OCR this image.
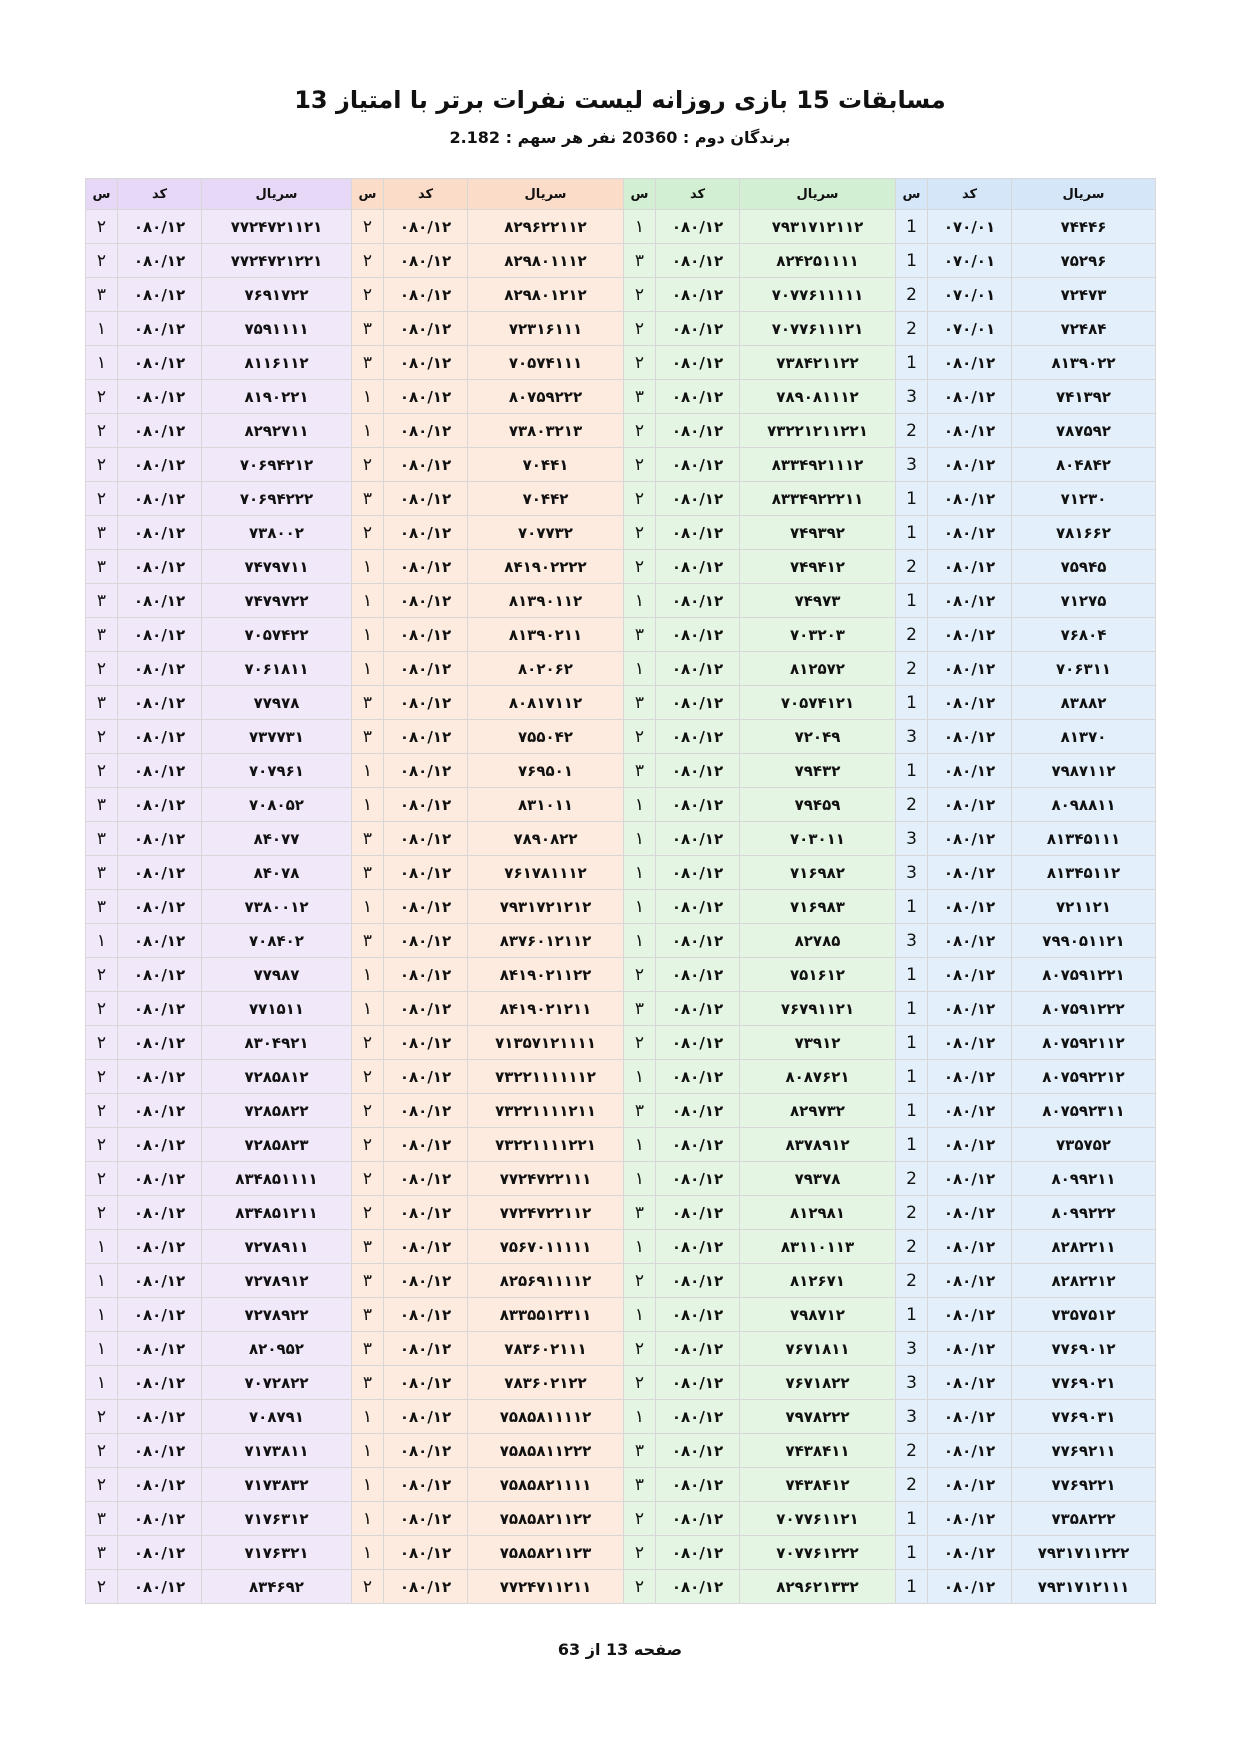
مسابقات 15 بازی روزانه لیست نفرات برتر با امتیاز 13
برندگان دوم : 20360 نفر هر سهم : 2.182
سریال	کد	س	سریال	کد	س	سریال	کد	س	سریال	کد	س
۷۴۴۴۶	۰۷۰/۰۱	1	۷۹۳۱۷۱۲۱۱۲	۰۸۰/۱۲	۱	۸۲۹۶۲۲۱۱۲	۰۸۰/۱۲	۲	۷۷۲۴۷۲۱۱۲۱	۰۸۰/۱۲	۲
۷۵۲۹۶	۰۷۰/۰۱	1	۸۲۴۲۵۱۱۱۱	۰۸۰/۱۲	۳	۸۲۹۸۰۱۱۱۲	۰۸۰/۱۲	۲	۷۷۲۴۷۲۱۲۲۱	۰۸۰/۱۲	۲
۷۲۴۷۳	۰۷۰/۰۱	2	۷۰۷۷۶۱۱۱۱۱	۰۸۰/۱۲	۲	۸۲۹۸۰۱۲۱۲	۰۸۰/۱۲	۲	۷۶۹۱۷۲۲	۰۸۰/۱۲	۳
۷۲۴۸۴	۰۷۰/۰۱	2	۷۰۷۷۶۱۱۱۲۱	۰۸۰/۱۲	۲	۷۲۳۱۶۱۱۱	۰۸۰/۱۲	۳	۷۵۹۱۱۱۱	۰۸۰/۱۲	۱
۸۱۳۹۰۲۲	۰۸۰/۱۲	1	۷۳۸۴۲۱۱۲۲	۰۸۰/۱۲	۲	۷۰۵۷۴۱۱۱	۰۸۰/۱۲	۳	۸۱۱۶۱۱۲	۰۸۰/۱۲	۱
۷۴۱۳۹۲	۰۸۰/۱۲	3	۷۸۹۰۸۱۱۱۲	۰۸۰/۱۲	۳	۸۰۷۵۹۲۲۲	۰۸۰/۱۲	۱	۸۱۹۰۲۲۱	۰۸۰/۱۲	۲
۷۸۷۵۹۲	۰۸۰/۱۲	2	۷۳۲۲۱۲۱۱۲۲۱	۰۸۰/۱۲	۲	۷۳۸۰۳۲۱۳	۰۸۰/۱۲	۱	۸۲۹۲۷۱۱	۰۸۰/۱۲	۲
۸۰۴۸۴۲	۰۸۰/۱۲	3	۸۳۳۴۹۲۱۱۱۲	۰۸۰/۱۲	۲	۷۰۴۴۱	۰۸۰/۱۲	۲	۷۰۶۹۴۲۱۲	۰۸۰/۱۲	۲
۷۱۲۳۰	۰۸۰/۱۲	1	۸۳۳۴۹۲۲۲۱۱	۰۸۰/۱۲	۲	۷۰۴۴۲	۰۸۰/۱۲	۳	۷۰۶۹۴۲۲۲	۰۸۰/۱۲	۲
۷۸۱۶۶۲	۰۸۰/۱۲	1	۷۴۹۳۹۲	۰۸۰/۱۲	۲	۷۰۷۷۳۲	۰۸۰/۱۲	۲	۷۳۸۰۰۲	۰۸۰/۱۲	۳
۷۵۹۴۵	۰۸۰/۱۲	2	۷۴۹۴۱۲	۰۸۰/۱۲	۲	۸۴۱۹۰۲۲۲۲	۰۸۰/۱۲	۱	۷۴۷۹۷۱۱	۰۸۰/۱۲	۳
۷۱۲۷۵	۰۸۰/۱۲	1	۷۴۹۷۳	۰۸۰/۱۲	۱	۸۱۳۹۰۱۱۲	۰۸۰/۱۲	۱	۷۴۷۹۷۲۲	۰۸۰/۱۲	۳
۷۶۸۰۴	۰۸۰/۱۲	2	۷۰۳۲۰۳	۰۸۰/۱۲	۳	۸۱۳۹۰۲۱۱	۰۸۰/۱۲	۱	۷۰۵۷۴۲۲	۰۸۰/۱۲	۳
۷۰۶۳۱۱	۰۸۰/۱۲	2	۸۱۲۵۷۲	۰۸۰/۱۲	۱	۸۰۲۰۶۲	۰۸۰/۱۲	۱	۷۰۶۱۸۱۱	۰۸۰/۱۲	۲
۸۳۸۸۲	۰۸۰/۱۲	1	۷۰۵۷۴۱۲۱	۰۸۰/۱۲	۳	۸۰۸۱۷۱۱۲	۰۸۰/۱۲	۳	۷۷۹۷۸	۰۸۰/۱۲	۳
۸۱۳۷۰	۰۸۰/۱۲	3	۷۲۰۴۹	۰۸۰/۱۲	۲	۷۵۵۰۴۲	۰۸۰/۱۲	۳	۷۳۷۷۳۱	۰۸۰/۱۲	۲
۷۹۸۷۱۱۲	۰۸۰/۱۲	1	۷۹۴۳۲	۰۸۰/۱۲	۳	۷۶۹۵۰۱	۰۸۰/۱۲	۱	۷۰۷۹۶۱	۰۸۰/۱۲	۲
۸۰۹۸۸۱۱	۰۸۰/۱۲	2	۷۹۴۵۹	۰۸۰/۱۲	۱	۸۳۱۰۱۱	۰۸۰/۱۲	۱	۷۰۸۰۵۲	۰۸۰/۱۲	۳
۸۱۳۴۵۱۱۱	۰۸۰/۱۲	3	۷۰۳۰۱۱	۰۸۰/۱۲	۱	۷۸۹۰۸۲۲	۰۸۰/۱۲	۳	۸۴۰۷۷	۰۸۰/۱۲	۳
۸۱۳۴۵۱۱۲	۰۸۰/۱۲	3	۷۱۶۹۸۲	۰۸۰/۱۲	۱	۷۶۱۷۸۱۱۱۲	۰۸۰/۱۲	۳	۸۴۰۷۸	۰۸۰/۱۲	۳
۷۲۱۱۲۱	۰۸۰/۱۲	1	۷۱۶۹۸۳	۰۸۰/۱۲	۱	۷۹۳۱۷۲۱۲۱۲	۰۸۰/۱۲	۱	۷۳۸۰۰۱۲	۰۸۰/۱۲	۳
۷۹۹۰۵۱۱۲۱	۰۸۰/۱۲	3	۸۲۷۸۵	۰۸۰/۱۲	۱	۸۳۷۶۰۱۲۱۱۲	۰۸۰/۱۲	۳	۷۰۸۴۰۲	۰۸۰/۱۲	۱
۸۰۷۵۹۱۲۲۱	۰۸۰/۱۲	1	۷۵۱۶۱۲	۰۸۰/۱۲	۲	۸۴۱۹۰۲۱۱۲۲	۰۸۰/۱۲	۱	۷۷۹۸۷	۰۸۰/۱۲	۲
۸۰۷۵۹۱۲۲۲	۰۸۰/۱۲	1	۷۶۷۹۱۱۲۱	۰۸۰/۱۲	۳	۸۴۱۹۰۲۱۲۱۱	۰۸۰/۱۲	۱	۷۷۱۵۱۱	۰۸۰/۱۲	۲
۸۰۷۵۹۲۱۱۲	۰۸۰/۱۲	1	۷۳۹۱۲	۰۸۰/۱۲	۲	۷۱۳۵۷۱۲۱۱۱۱	۰۸۰/۱۲	۲	۸۳۰۴۹۲۱	۰۸۰/۱۲	۲
۸۰۷۵۹۲۲۱۲	۰۸۰/۱۲	1	۸۰۸۷۶۲۱	۰۸۰/۱۲	۱	۷۳۲۲۱۱۱۱۱۱۲	۰۸۰/۱۲	۲	۷۲۸۵۸۱۲	۰۸۰/۱۲	۲
۸۰۷۵۹۲۳۱۱	۰۸۰/۱۲	1	۸۲۹۷۳۲	۰۸۰/۱۲	۳	۷۳۲۲۱۱۱۱۲۱۱	۰۸۰/۱۲	۲	۷۲۸۵۸۲۲	۰۸۰/۱۲	۲
۷۳۵۷۵۲	۰۸۰/۱۲	1	۸۳۷۸۹۱۲	۰۸۰/۱۲	۱	۷۳۲۲۱۱۱۱۲۲۱	۰۸۰/۱۲	۲	۷۲۸۵۸۲۳	۰۸۰/۱۲	۲
۸۰۹۹۲۱۱	۰۸۰/۱۲	2	۷۹۳۷۸	۰۸۰/۱۲	۱	۷۷۲۴۷۲۲۱۱۱	۰۸۰/۱۲	۲	۸۳۴۸۵۱۱۱۱	۰۸۰/۱۲	۲
۸۰۹۹۲۲۲	۰۸۰/۱۲	2	۸۱۲۹۸۱	۰۸۰/۱۲	۳	۷۷۲۴۷۲۲۱۱۲	۰۸۰/۱۲	۲	۸۳۴۸۵۱۲۱۱	۰۸۰/۱۲	۲
۸۲۸۲۲۱۱	۰۸۰/۱۲	2	۸۳۱۱۰۱۱۳	۰۸۰/۱۲	۱	۷۵۶۷۰۱۱۱۱۱	۰۸۰/۱۲	۳	۷۲۷۸۹۱۱	۰۸۰/۱۲	۱
۸۲۸۲۲۱۲	۰۸۰/۱۲	2	۸۱۲۶۷۱	۰۸۰/۱۲	۲	۸۲۵۶۹۱۱۱۱۲	۰۸۰/۱۲	۳	۷۲۷۸۹۱۲	۰۸۰/۱۲	۱
۷۳۵۷۵۱۲	۰۸۰/۱۲	1	۷۹۸۷۱۲	۰۸۰/۱۲	۱	۸۳۳۵۵۱۲۳۱۱	۰۸۰/۱۲	۳	۷۲۷۸۹۲۲	۰۸۰/۱۲	۱
۷۷۶۹۰۱۲	۰۸۰/۱۲	3	۷۶۷۱۸۱۱	۰۸۰/۱۲	۲	۷۸۳۶۰۲۱۱۱	۰۸۰/۱۲	۳	۸۲۰۹۵۲	۰۸۰/۱۲	۱
۷۷۶۹۰۲۱	۰۸۰/۱۲	3	۷۶۷۱۸۲۲	۰۸۰/۱۲	۲	۷۸۳۶۰۲۱۲۲	۰۸۰/۱۲	۳	۷۰۷۲۸۲۲	۰۸۰/۱۲	۱
۷۷۶۹۰۳۱	۰۸۰/۱۲	3	۷۹۷۸۲۲۲	۰۸۰/۱۲	۱	۷۵۸۵۸۱۱۱۱۲	۰۸۰/۱۲	۱	۷۰۸۷۹۱	۰۸۰/۱۲	۲
۷۷۶۹۲۱۱	۰۸۰/۱۲	2	۷۴۳۸۴۱۱	۰۸۰/۱۲	۳	۷۵۸۵۸۱۱۲۲۲	۰۸۰/۱۲	۱	۷۱۷۳۸۱۱	۰۸۰/۱۲	۲
۷۷۶۹۲۲۱	۰۸۰/۱۲	2	۷۴۳۸۴۱۲	۰۸۰/۱۲	۳	۷۵۸۵۸۲۱۱۱۱	۰۸۰/۱۲	۱	۷۱۷۳۸۳۲	۰۸۰/۱۲	۲
۷۳۵۸۲۲۲	۰۸۰/۱۲	1	۷۰۷۷۶۱۱۲۱	۰۸۰/۱۲	۲	۷۵۸۵۸۲۱۱۲۲	۰۸۰/۱۲	۱	۷۱۷۶۳۱۲	۰۸۰/۱۲	۳
۷۹۳۱۷۱۱۲۲۲	۰۸۰/۱۲	1	۷۰۷۷۶۱۲۲۲	۰۸۰/۱۲	۲	۷۵۸۵۸۲۱۱۲۳	۰۸۰/۱۲	۱	۷۱۷۶۳۲۱	۰۸۰/۱۲	۳
۷۹۳۱۷۱۲۱۱۱	۰۸۰/۱۲	1	۸۲۹۶۲۱۳۳۲	۰۸۰/۱۲	۲	۷۷۲۴۷۱۱۲۱۱	۰۸۰/۱۲	۲	۸۳۴۶۹۲	۰۸۰/۱۲	۲
صفحه 13 از 63
